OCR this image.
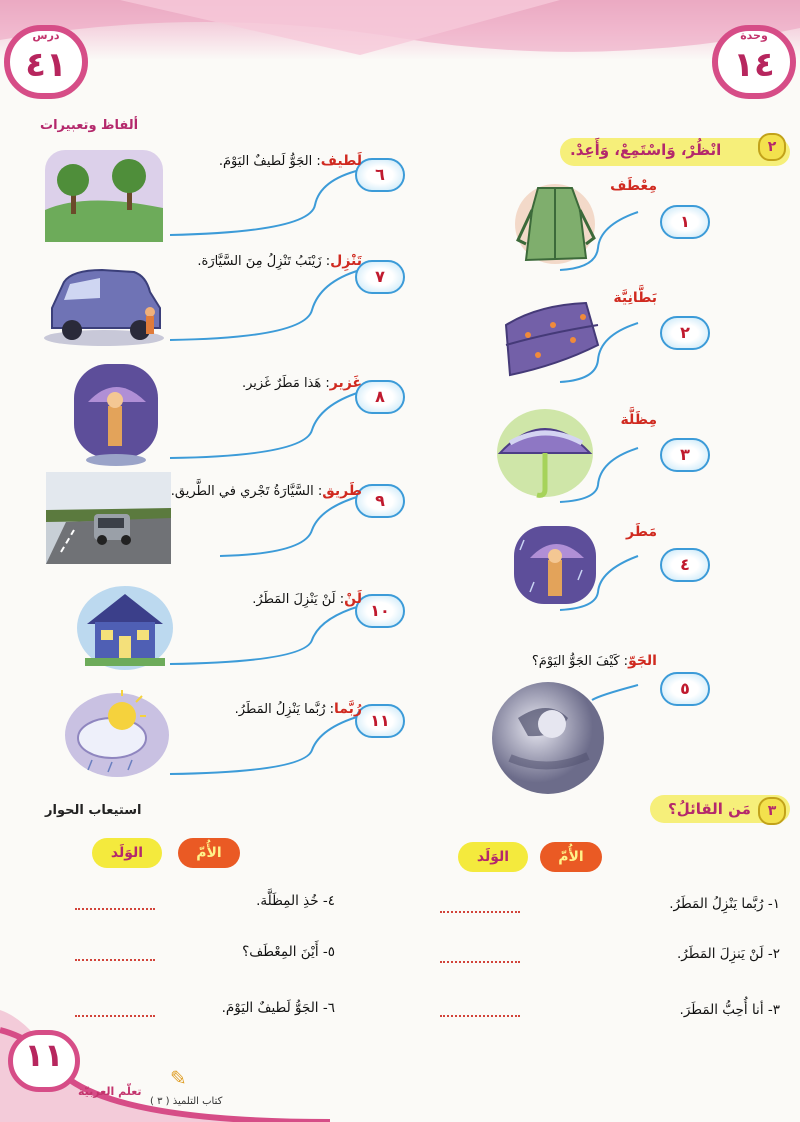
وحدة
١٤
درس
٤١
ألفاظ وتعبيرات
٢
انْظُرْ، وَاسْتَمِعْ، وَأَعِدْ.
١
مِعْطَف
٢
بَطَّانِيَّة
٣
مِظَلَّة
٤
مَطَر
٥
الجَوّ: كَيْفَ الجَوُّ اليَوْمَ؟
٦
لَطيف: الجَوُّ لَطيفٌ اليَوْمَ.
٧
تَنْزِل: زَيْنَبُ تَنْزِلُ مِنَ السَّيَّارَة.
٨
غَزير: هَذا مَطَرٌ غَزير.
٩
طَريق: السَّيَّارَةُ تَجْري في الطَّريق.
١٠
لَنْ: لَنْ يَنْزِلَ المَطَرُ.
١١
رُبَّما: رُبَّما يَنْزِلُ المَطَرُ.
٣
مَن القائلُ؟
استيعاب الحوار
الأُمّ
الوَلَد
الأُمّ
الوَلَد
١- رُبَّما يَنْزِلُ المَطَرُ.
٢- لَنْ يَنزِلَ المَطَرُ.
٣- أنا أُحِبُّ المَطَرَ.
٤- خُذِ المِظَلَّة.
٥- أَيْنَ المِعْطَف؟
٦- الجَوُّ لَطيفٌ اليَوْمَ.
١١
✎
تعلّم العربيّة
كتاب التلميذ ( ٣ )
